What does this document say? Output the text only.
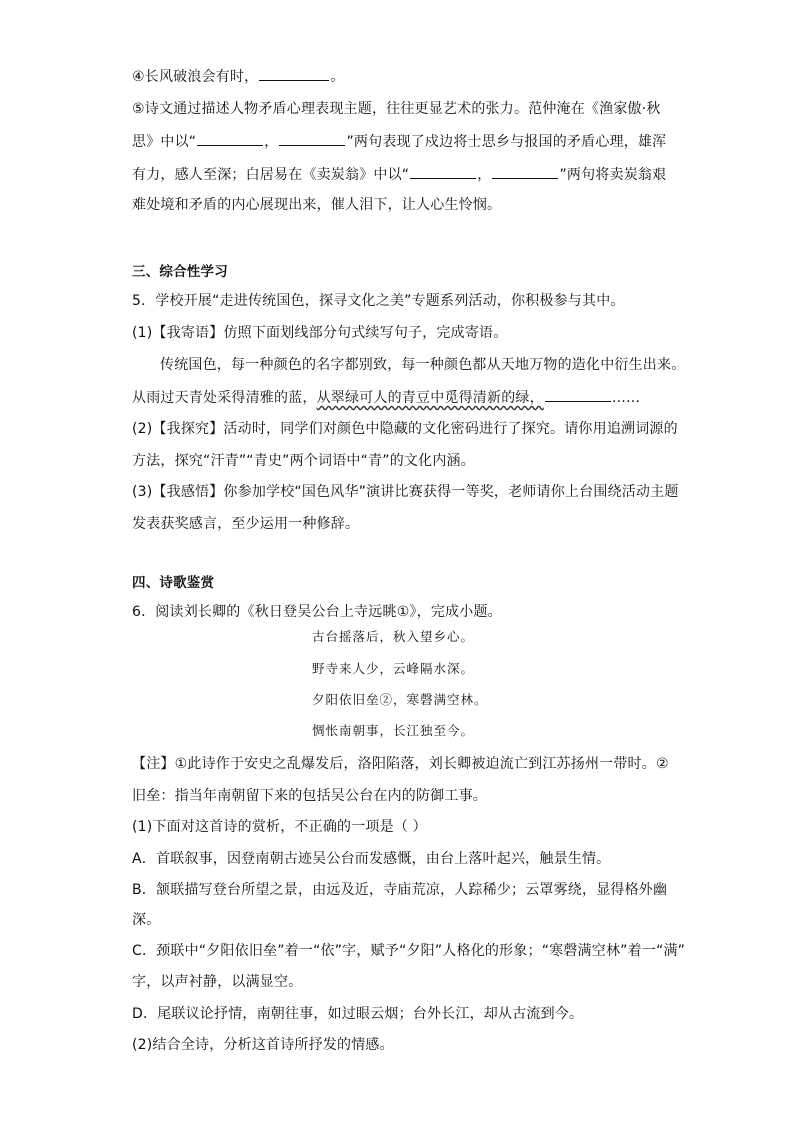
④长风破浪会有时，	。
⑤诗文通过描述人物矛盾心理表现主题，往往更显艺术的张力。范仲淹在《渔家傲·秋
思》中以“	，	”两句表现了戍边将士思乡与报国的矛盾心理，雄浑
有力，感人至深；白居易在《卖炭翁》中以“	，	”两句将卖炭翁艰
难处境和矛盾的内心展现出来，催人泪下，让人心生怜悯。
三、综合性学习
5．学校开展“走进传统国色，探寻文化之美”专题系列活动，你积极参与其中。
(1)【我寄语】仿照下面划线部分句式续写句子，完成寄语。
传统国色，每一种颜色的名字都别致，每一种颜色都从天地万物的造化中衍生出来。
从雨过天青处采得清雅的蓝，从翠绿可人的青豆中觅得清新的绿，	……
(2)【我探究】活动时，同学们对颜色中隐藏的文化密码进行了探究。请你用追溯词源的
方法，探究“汗青”“青史”两个词语中“青”的文化内涵。
(3)【我感悟】你参加学校“国色风华”演讲比赛获得一等奖，老师请你上台围绕活动主题
发表获奖感言，至少运用一种修辞。
四、诗歌鉴赏
6．阅读刘长卿的《秋日登吴公台上寺远眺①》，完成小题。
古台摇落后，秋入望乡心。
野寺来人少，云峰隔水深。
夕阳依旧垒②，寒磬满空林。
惆怅南朝事，长江独至今。
【注】①此诗作于安史之乱爆发后，洛阳陷落，刘长卿被迫流亡到江苏扬州一带时。②
旧垒：指当年南朝留下来的包括吴公台在内的防御工事。
(1)下面对这首诗的赏析，不正确的一项是（ ）
A．首联叙事，因登南朝古迹吴公台而发感慨，由台上落叶起兴，触景生情。
B．颔联描写登台所望之景，由远及近，寺庙荒凉，人踪稀少；云罩雾绕，显得格外幽
深。
C．颈联中“夕阳依旧垒”着一“依”字，赋予“夕阳”人格化的形象；“寒磬满空林”着一“满”
字，以声衬静，以满显空。
D．尾联议论抒情，南朝往事，如过眼云烟；台外长江，却从古流到今。
(2)结合全诗，分析这首诗所抒发的情感。
